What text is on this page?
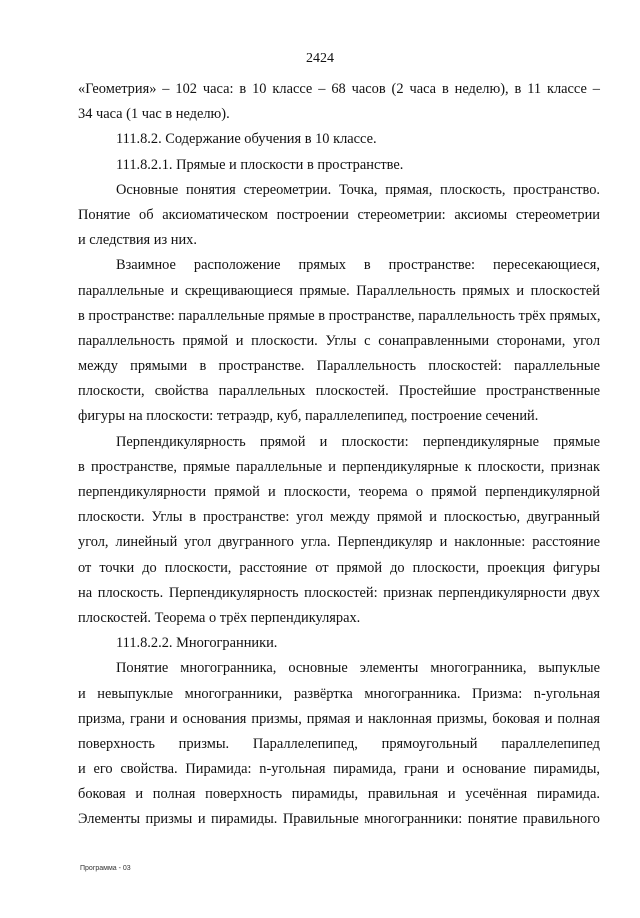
2424
«Геометрия» – 102 часа: в 10 классе – 68 часов (2 часа в неделю), в 11 классе –
34 часа (1 час в неделю).
111.8.2. Содержание обучения в 10 классе.
111.8.2.1. Прямые и плоскости в пространстве.
Основные понятия стереометрии. Точка, прямая, плоскость, пространство.
Понятие об аксиоматическом построении стереометрии: аксиомы стереометрии
и следствия из них.
Взаимное расположение прямых в пространстве: пересекающиеся,
параллельные и скрещивающиеся прямые. Параллельность прямых и плоскостей
в пространстве: параллельные прямые в пространстве, параллельность трёх прямых,
параллельность прямой и плоскости. Углы с сонаправленными сторонами, угол
между прямыми в пространстве. Параллельность плоскостей: параллельные
плоскости, свойства параллельных плоскостей. Простейшие пространственные
фигуры на плоскости: тетраэдр, куб, параллелепипед, построение сечений.
Перпендикулярность прямой и плоскости: перпендикулярные прямые
в пространстве, прямые параллельные и перпендикулярные к плоскости, признак
перпендикулярности прямой и плоскости, теорема о прямой перпендикулярной
плоскости. Углы в пространстве: угол между прямой и плоскостью, двугранный
угол, линейный угол двугранного угла. Перпендикуляр и наклонные: расстояние
от точки до плоскости, расстояние от прямой до плоскости, проекция фигуры
на плоскость. Перпендикулярность плоскостей: признак перпендикулярности двух
плоскостей. Теорема о трёх перпендикулярах.
111.8.2.2. Многогранники.
Понятие многогранника, основные элементы многогранника, выпуклые
и невыпуклые многогранники, развёртка многогранника. Призма: n-угольная
призма, грани и основания призмы, прямая и наклонная призмы, боковая и полная
поверхность призмы. Параллелепипед, прямоугольный параллелепипед
и его свойства. Пирамида: n-угольная пирамида, грани и основание пирамиды,
боковая и полная поверхность пирамиды, правильная и усечённая пирамида.
Элементы призмы и пирамиды. Правильные многогранники: понятие правильного
Программа - 03
